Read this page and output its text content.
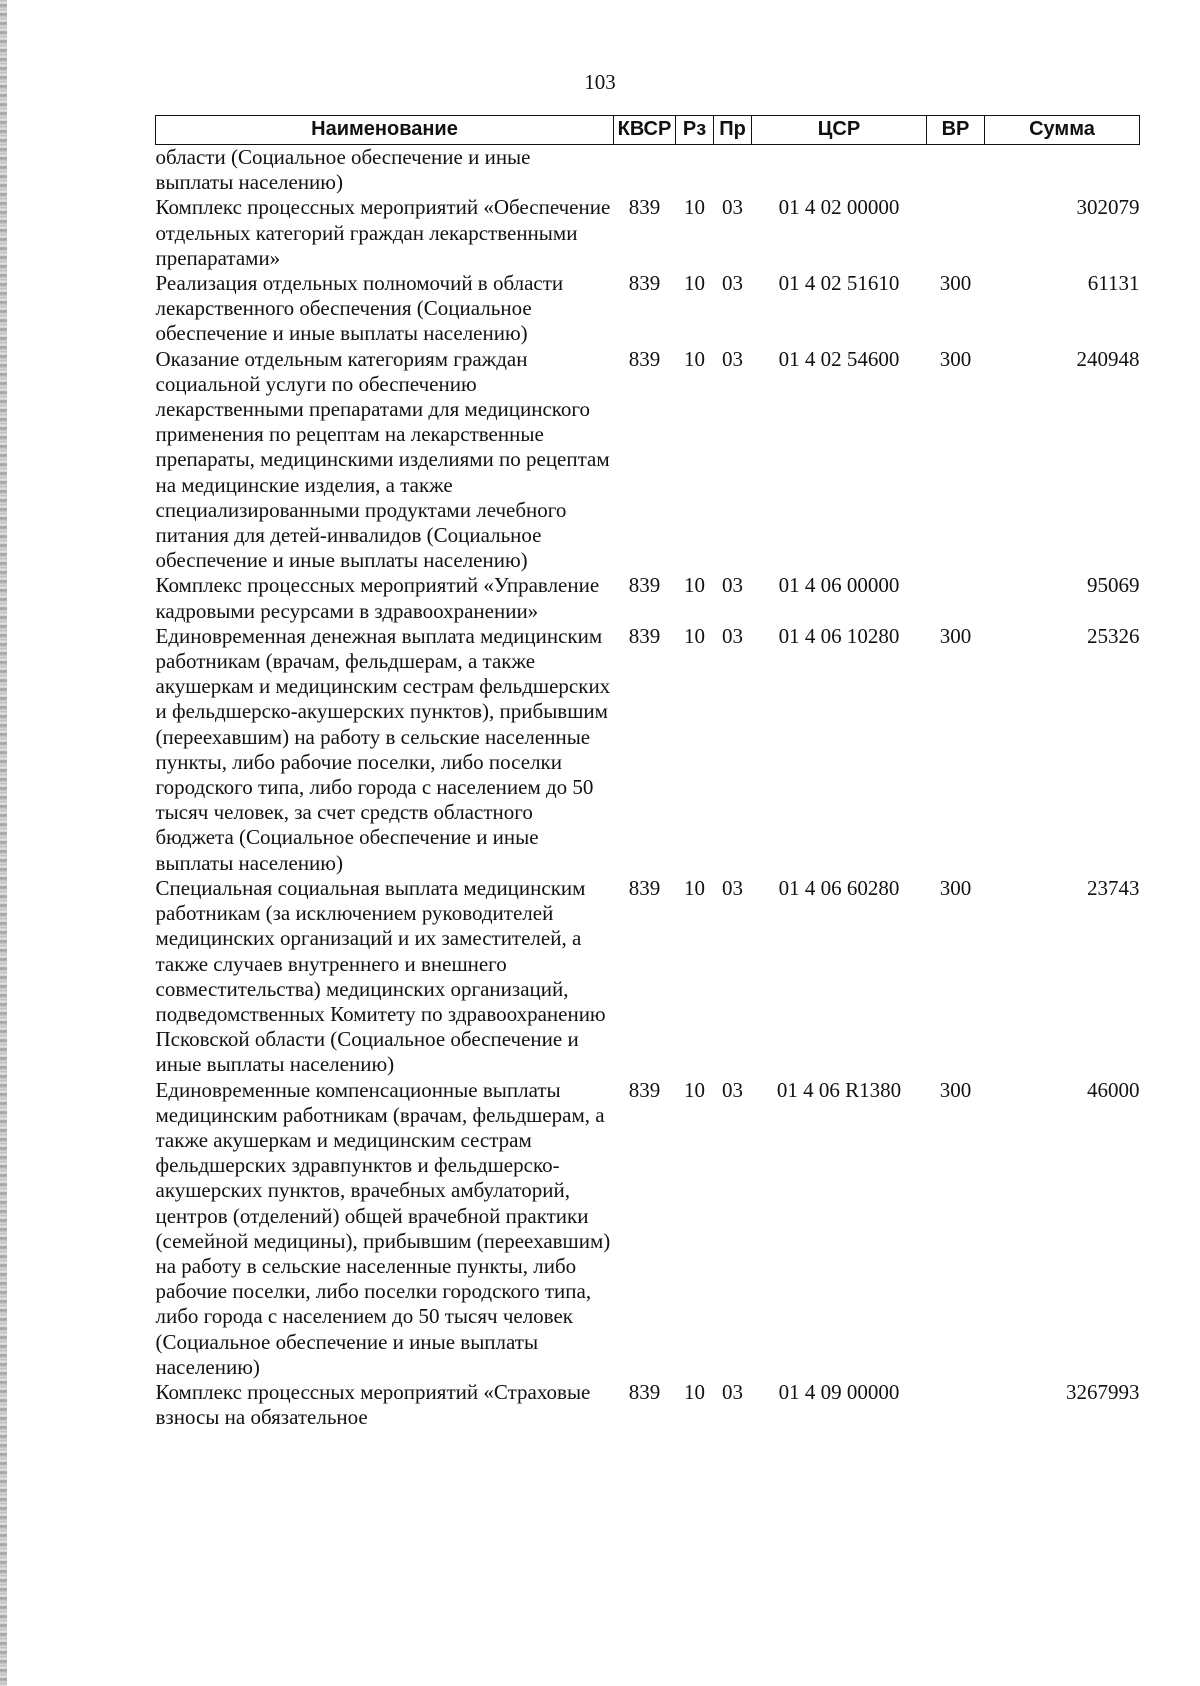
103
Наименование	КВСР	Рз	Пр	ЦСР	ВР	Сумма
области (Социальное обеспечение и иные выплаты населению)						
Комплекс процессных мероприятий «Обеспечение отдельных категорий граждан лекарственными препаратами»	839	10	03	01 4 02 00000		302079
Реализация отдельных полномочий в области лекарственного обеспечения (Социальное обеспечение и иные выплаты населению)	839	10	03	01 4 02 51610	300	61131
Оказание отдельным категориям граждан социальной услуги по обеспечению лекарственными препаратами для медицинского применения по рецептам на лекарственные препараты, медицинскими изделиями по рецептам на медицинские изделия, а также специализированными продуктами лечебного питания для детей-инвалидов (Социальное обеспечение и иные выплаты населению)	839	10	03	01 4 02 54600	300	240948
Комплекс процессных мероприятий «Управление кадровыми ресурсами в здравоохранении»	839	10	03	01 4 06 00000		95069
Единовременная денежная выплата медицинским работникам (врачам, фельдшерам, а также акушеркам и медицинским сестрам фельдшерских и фельдшерско-акушерских пунктов), прибывшим (переехавшим) на работу в сельские населенные пункты, либо рабочие поселки, либо поселки городского типа, либо города с населением до 50 тысяч человек, за счет средств областного бюджета (Социальное обеспечение и иные выплаты населению)	839	10	03	01 4 06 10280	300	25326
Специальная социальная выплата медицинским работникам (за исключением руководителей медицинских организаций и их заместителей, а также случаев внутреннего и внешнего совместительства) медицинских организаций, подведомственных Комитету по здравоохранению Псковской области (Социальное обеспечение и иные выплаты населению)	839	10	03	01 4 06 60280	300	23743
Единовременные компенсационные выплаты медицинским работникам (врачам, фельдшерам, а также акушеркам и медицинским сестрам фельдшерских здравпунктов и фельдшерско-акушерских пунктов, врачебных амбулаторий, центров (отделений) общей врачебной практики (семейной медицины), прибывшим (переехавшим) на работу в сельские населенные пункты, либо рабочие поселки, либо поселки городского типа, либо города с населением до 50 тысяч человек (Социальное обеспечение и иные выплаты населению)	839	10	03	01 4 06 R1380	300	46000
Комплекс процессных мероприятий «Страховые взносы на обязательное	839	10	03	01 4 09 00000		3267993
